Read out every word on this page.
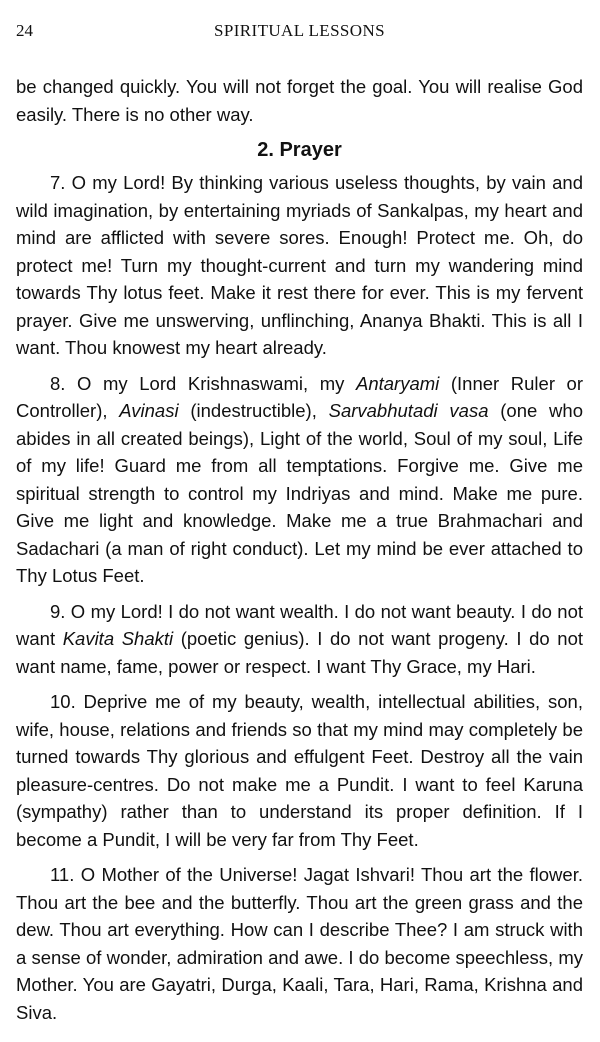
24	SPIRITUAL LESSONS

be changed quickly. You will not forget the goal. You will realise God easily. There is no other way.

2. Prayer

7. O my Lord! By thinking various useless thoughts, by vain and wild imagination, by entertaining myriads of Sankalpas, my heart and mind are afflicted with severe sores. Enough! Protect me. Oh, do protect me! Turn my thought-current and turn my wandering mind towards Thy lotus feet. Make it rest there for ever. This is my fervent prayer. Give me unswerving, unflinching, Ananya Bhakti. This is all I want. Thou knowest my heart already.

8. O my Lord Krishnaswami, my Antaryami (Inner Ruler or Controller), Avinasi (indestructible), Sarvabhutadi vasa (one who abides in all created beings), Light of the world, Soul of my soul, Life of my life! Guard me from all temptations. Forgive me. Give me spiritual strength to control my Indriyas and mind. Make me pure. Give me light and knowledge. Make me a true Brahmachari and Sadachari (a man of right conduct). Let my mind be ever attached to Thy Lotus Feet.

9. O my Lord! I do not want wealth. I do not want beauty. I do not want Kavita Shakti (poetic genius). I do not want progeny. I do not want name, fame, power or respect. I want Thy Grace, my Hari.

10. Deprive me of my beauty, wealth, intellectual abilities, son, wife, house, relations and friends so that my mind may completely be turned towards Thy glorious and effulgent Feet. Destroy all the vain pleasure-centres. Do not make me a Pundit. I want to feel Karuna (sympathy) rather than to understand its proper definition. If I become a Pundit, I will be very far from Thy Feet.

11. O Mother of the Universe! Jagat Ishvari! Thou art the flower. Thou art the bee and the butterfly. Thou art the green grass and the dew. Thou art everything. How can I describe Thee? I am struck with a sense of wonder, admiration and awe. I do become speechless, my Mother. You are Gayatri, Durga, Kaali, Tara, Hari, Rama, Krishna and Siva.
